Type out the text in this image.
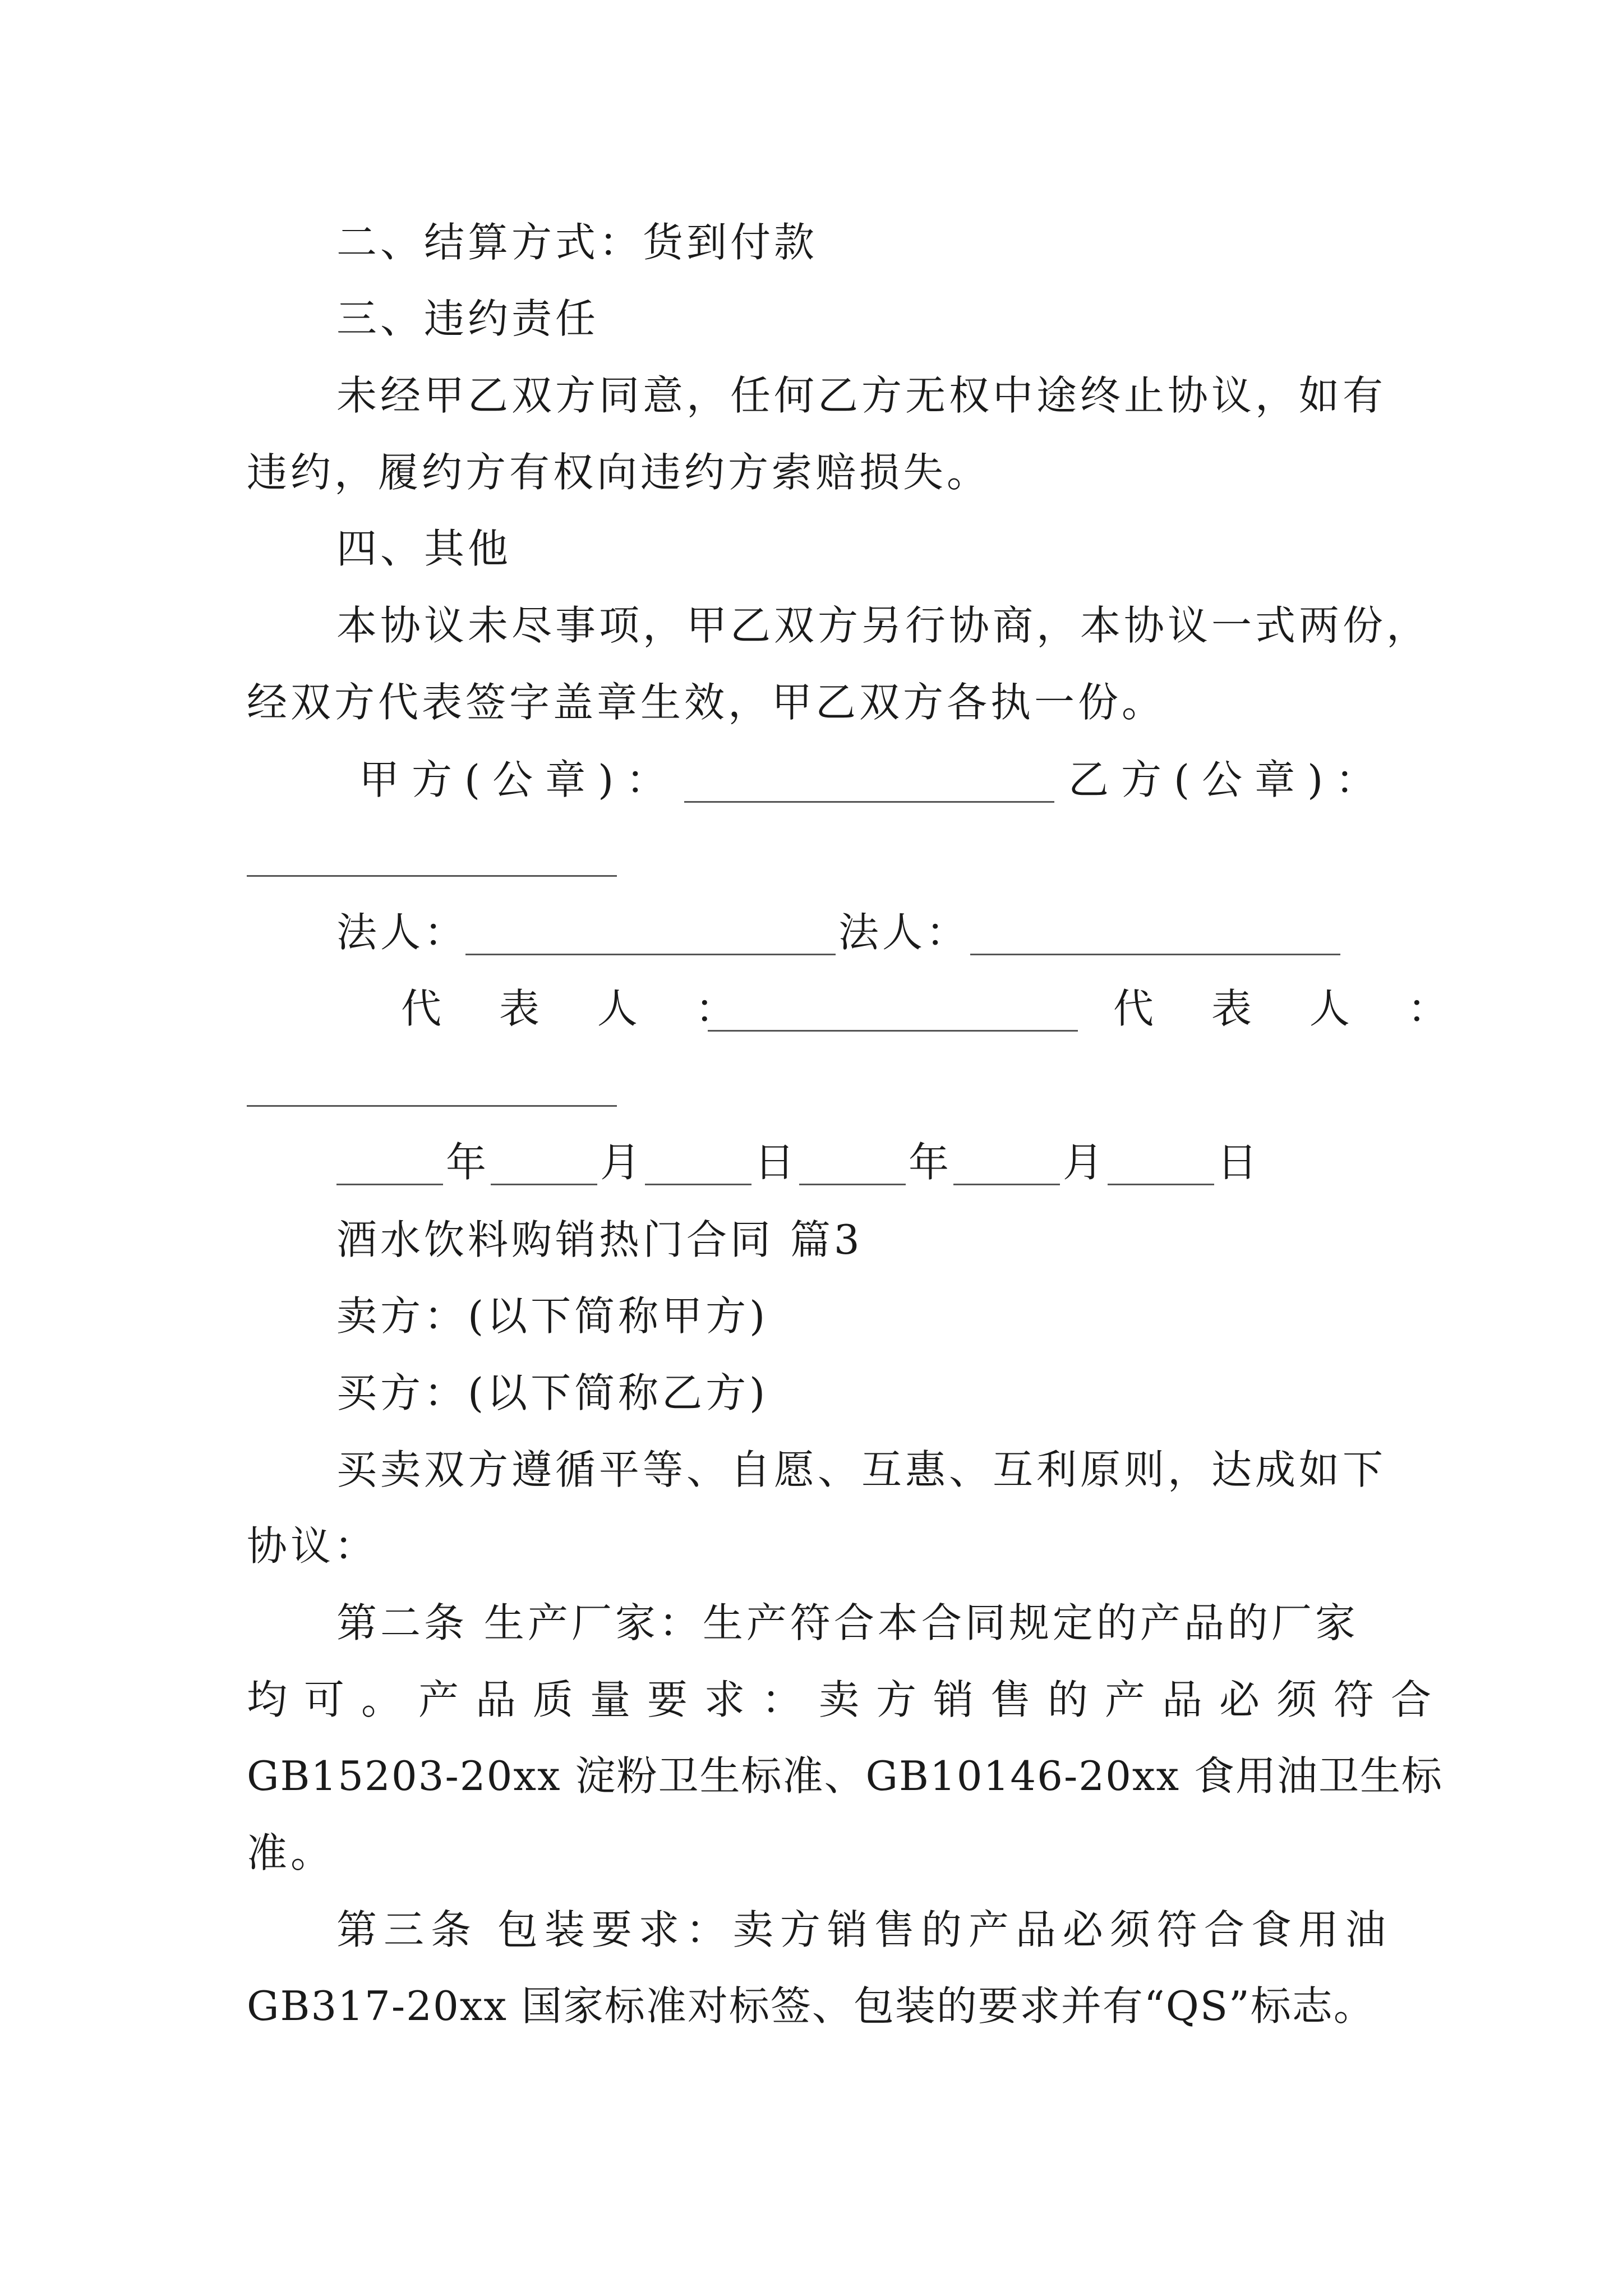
二、结算方式：货到付款
三、违约责任
未经甲乙双方同意，任何乙方无权中途终止协议，如有
违约，履约方有权向违约方索赔损失。
四、其他
本协议未尽事项，甲乙双方另行协商，本协议一式两份，
经双方代表签字盖章生效，甲乙双方各执一份。
甲方(公章)：	乙方(公章)：
法人：	法人：
代 表 人 ：	代 表 人 ：
年	月	日	年	月	日
酒水饮料购销热门合同 篇3
卖方：(以下简称甲方)
买方：(以下简称乙方)
买卖双方遵循平等、自愿、互惠、互利原则，达成如下
协议：
第二条 生产厂家：生产符合本合同规定的产品的厂家
均可。产品质量要求：卖方销售的产品必须符合
GB15203-20xx 淀粉卫生标准、GB10146-20xx 食用油卫生标
准。
第三条 包装要求：卖方销售的产品必须符合食用油
GB317-20xx 国家标准对标签、包装的要求并有“QS”标志。
